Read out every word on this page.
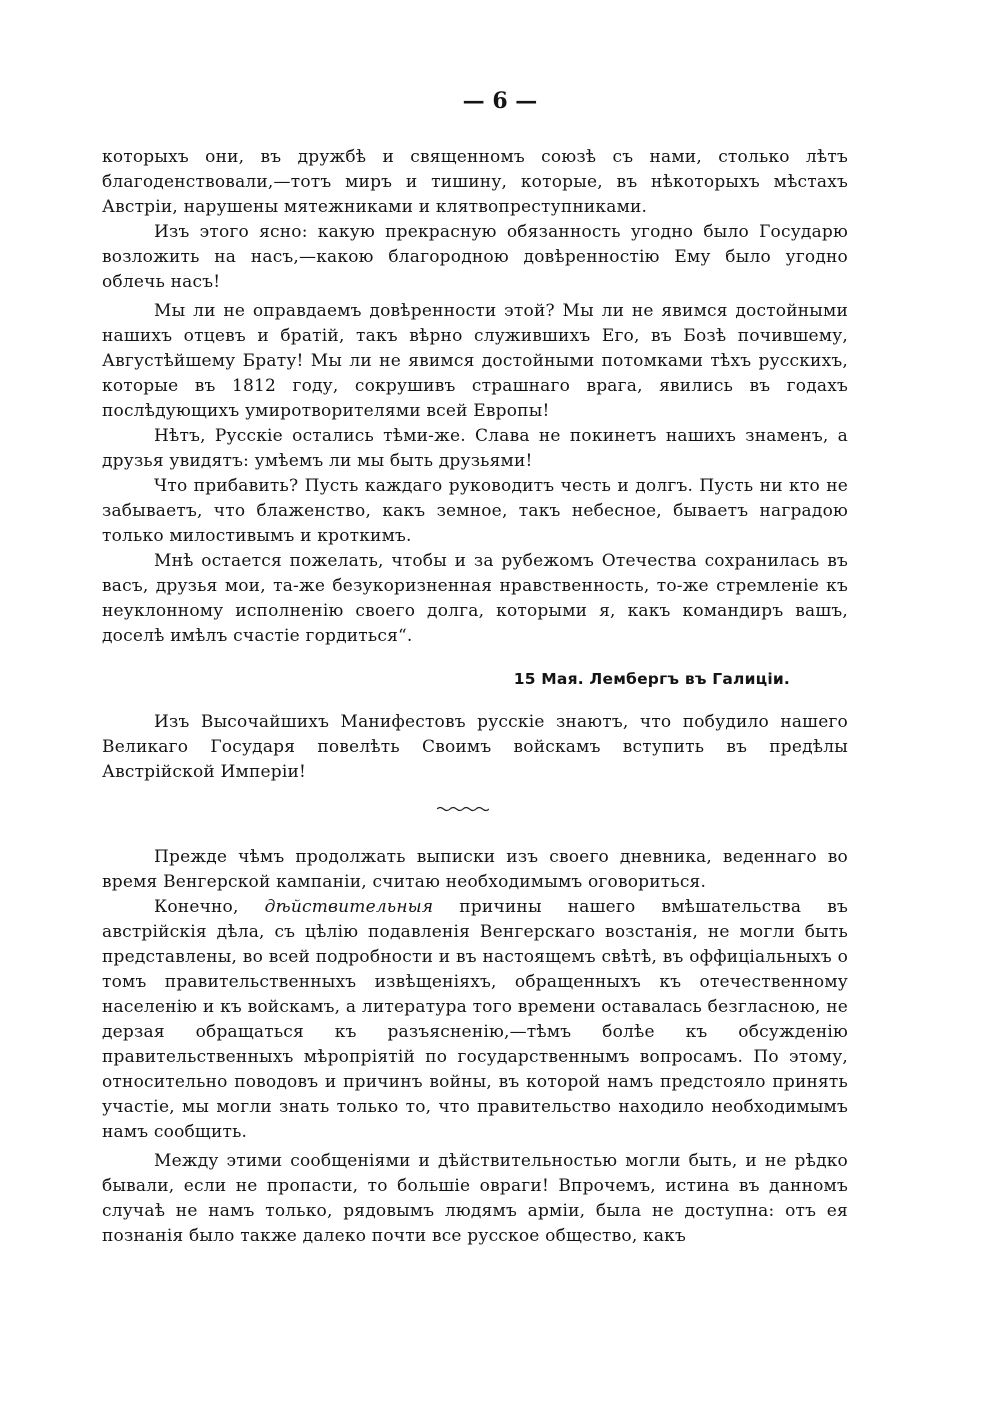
— 6 —

которыхъ они, въ дружбѣ и священномъ союзѣ съ нами, столько лѣтъ благоденствовали,—тотъ миръ и тишину, которые, въ нѣкоторыхъ мѣстахъ Австріи, нарушены мятежниками и клятвопреступниками.

Изъ этого ясно: какую прекрасную обязанность угодно было Государю возложить на насъ,—какою благородною довѣренностію Ему было угодно облечь насъ!

Мы ли не оправдаемъ довѣренности этой? Мы ли не явимся достойными нашихъ отцевъ и братій, такъ вѣрно служившихъ Его, въ Бозѣ почившему, Августѣйшему Брату! Мы ли не явимся достойными потомками тѣхъ русскихъ, которые въ 1812 году, сокрушивъ страшнаго врага, явились въ годахъ послѣдующихъ умиротворителями всей Европы!

Нѣтъ, Русскіе остались тѣми-же. Слава не покинетъ нашихъ знаменъ, а друзья увидятъ: умѣемъ ли мы быть друзьями!

Что прибавить? Пусть каждаго руководитъ честь и долгъ. Пусть ни кто не забываетъ, что блаженство, какъ земное, такъ небесное, бываетъ наградою только милостивымъ и кроткимъ.

Мнѣ остается пожелать, чтобы и за рубежомъ Отечества сохранилась въ васъ, друзья мои, та-же безукоризненная нравственность, то-же стремленіе къ неуклонному исполненію своего долга, которыми я, какъ командиръ вашъ, доселѣ имѣлъ счастіе гордиться“.

15 Мая. Лембергъ въ Галиціи.

Изъ Высочайшихъ Манифестовъ русскіе знаютъ, что побудило нашего Великаго Государя повелѣть Своимъ войскамъ вступить въ предѣлы Австрійской Имперіи!

Прежде чѣмъ продолжать выписки изъ своего дневника, веденнаго во время Венгерской кампаніи, считаю необходимымъ оговориться.

Конечно, дѣйствительныя причины нашего вмѣшательства въ австрійскія дѣла, съ цѣлію подавленія Венгерскаго возстанія, не могли быть представлены, во всей подробности и въ настоящемъ свѣтѣ, въ оффиціальныхъ о томъ правительственныхъ извѣщеніяхъ, обращенныхъ къ отечественному населенію и къ войскамъ, а литература того времени оставалась безгласною, не дерзая обращаться къ разъясненію,—тѣмъ болѣе къ обсужденію правительственныхъ мѣропріятій по государственнымъ вопросамъ. По этому, относительно поводовъ и причинъ войны, въ которой намъ предстояло принять участіе, мы могли знать только то, что правительство находило необходимымъ намъ сообщить.

Между этими сообщеніями и дѣйствительностью могли быть, и не рѣдко бывали, если не пропасти, то большіе овраги! Впрочемъ, истина въ данномъ случаѣ не намъ только, рядовымъ людямъ арміи, была не доступна: отъ ея познанія было также далеко почти все русское общество, какъ
